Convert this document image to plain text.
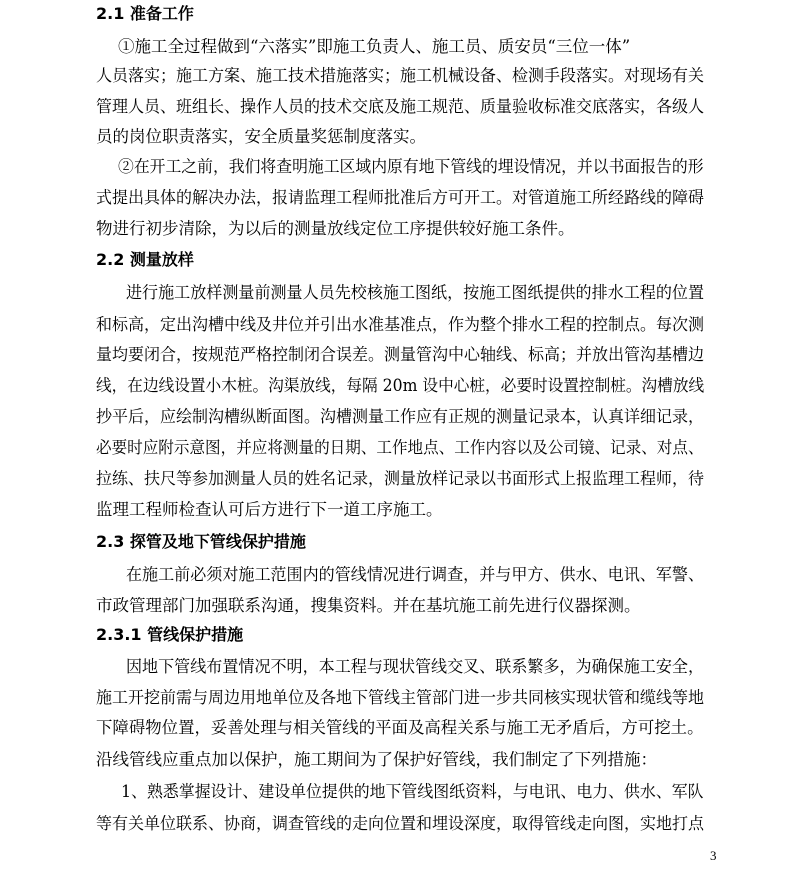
2.1 准备工作
①施工全过程做到“六落实”即施工负责人、施工员、质安员“三位一体”
人员落实；施工方案、施工技术措施落实；施工机械设备、检测手段落实。对现场有关
管理人员、班组长、操作人员的技术交底及施工规范、质量验收标准交底落实，各级人
员的岗位职责落实，安全质量奖惩制度落实。
②在开工之前，我们将查明施工区域内原有地下管线的埋设情况，并以书面报告的形
式提出具体的解决办法，报请监理工程师批准后方可开工。对管道施工所经路线的障碍
物进行初步清除，为以后的测量放线定位工序提供较好施工条件。
2.2 测量放样
进行施工放样测量前测量人员先校核施工图纸，按施工图纸提供的排水工程的位置
和标高，定出沟槽中线及井位并引出水准基准点，作为整个排水工程的控制点。每次测
量均要闭合，按规范严格控制闭合误差。测量管沟中心轴线、标高；并放出管沟基槽边
线，在边线设置小木桩。沟渠放线，每隔 20m 设中心桩，必要时设置控制桩。沟槽放线
抄平后，应绘制沟槽纵断面图。沟槽测量工作应有正规的测量记录本，认真详细记录，
必要时应附示意图，并应将测量的日期、工作地点、工作内容以及公司镜、记录、对点、
拉练、扶尺等参加测量人员的姓名记录，测量放样记录以书面形式上报监理工程师，待
监理工程师检查认可后方进行下一道工序施工。
2.3 探管及地下管线保护措施
在施工前必须对施工范围内的管线情况进行调查，并与甲方、供水、电讯、军警、
市政管理部门加强联系沟通，搜集资料。并在基坑施工前先进行仪器探测。
2.3.1 管线保护措施
因地下管线布置情况不明，本工程与现状管线交叉、联系繁多，为确保施工安全，
施工开挖前需与周边用地单位及各地下管线主管部门进一步共同核实现状管和缆线等地
下障碍物位置，妥善处理与相关管线的平面及高程关系与施工无矛盾后，方可挖土。
沿线管线应重点加以保护，施工期间为了保护好管线，我们制定了下列措施：
1、熟悉掌握设计、建设单位提供的地下管线图纸资料，与电讯、电力、供水、军队
等有关单位联系、协商，调查管线的走向位置和埋设深度，取得管线走向图，实地打点
3
